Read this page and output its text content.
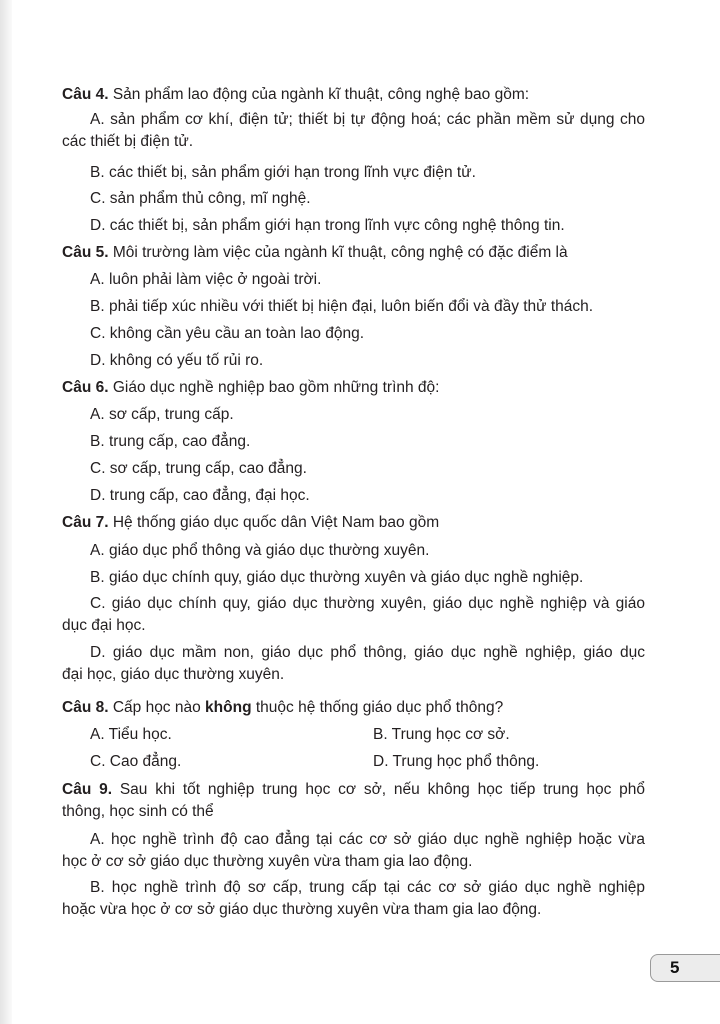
Câu 4. Sản phẩm lao động của ngành kĩ thuật, công nghệ bao gồm:
A. sản phẩm cơ khí, điện tử; thiết bị tự động hoá; các phần mềm sử dụng cho
các thiết bị điện tử.
B. các thiết bị, sản phẩm giới hạn trong lĩnh vực điện tử.
C. sản phẩm thủ công, mĩ nghệ.
D. các thiết bị, sản phẩm giới hạn trong lĩnh vực công nghệ thông tin.
Câu 5. Môi trường làm việc của ngành kĩ thuật, công nghệ có đặc điểm là
A. luôn phải làm việc ở ngoài trời.
B. phải tiếp xúc nhiều với thiết bị hiện đại, luôn biến đổi và đầy thử thách.
C. không cần yêu cầu an toàn lao động.
D. không có yếu tố rủi ro.
Câu 6. Giáo dục nghề nghiệp bao gồm những trình độ:
A. sơ cấp, trung cấp.
B. trung cấp, cao đẳng.
C. sơ cấp, trung cấp, cao đẳng.
D. trung cấp, cao đẳng, đại học.
Câu 7. Hệ thống giáo dục quốc dân Việt Nam bao gồm
A. giáo dục phổ thông và giáo dục thường xuyên.
B. giáo dục chính quy, giáo dục thường xuyên và giáo dục nghề nghiệp.
C. giáo dục chính quy, giáo dục thường xuyên, giáo dục nghề nghiệp và giáo
dục đại học.
D. giáo dục mầm non, giáo dục phổ thông, giáo dục nghề nghiệp, giáo dục
đại học, giáo dục thường xuyên.
Câu 8. Cấp học nào không thuộc hệ thống giáo dục phổ thông?
A. Tiểu học.	B. Trung học cơ sở.
C. Cao đẳng.	D. Trung học phổ thông.
Câu 9. Sau khi tốt nghiệp trung học cơ sở, nếu không học tiếp trung học phổ
thông, học sinh có thể
A. học nghề trình độ cao đẳng tại các cơ sở giáo dục nghề nghiệp hoặc vừa
học ở cơ sở giáo dục thường xuyên vừa tham gia lao động.
B. học nghề trình độ sơ cấp, trung cấp tại các cơ sở giáo dục nghề nghiệp
hoặc vừa học ở cơ sở giáo dục thường xuyên vừa tham gia lao động.
5
